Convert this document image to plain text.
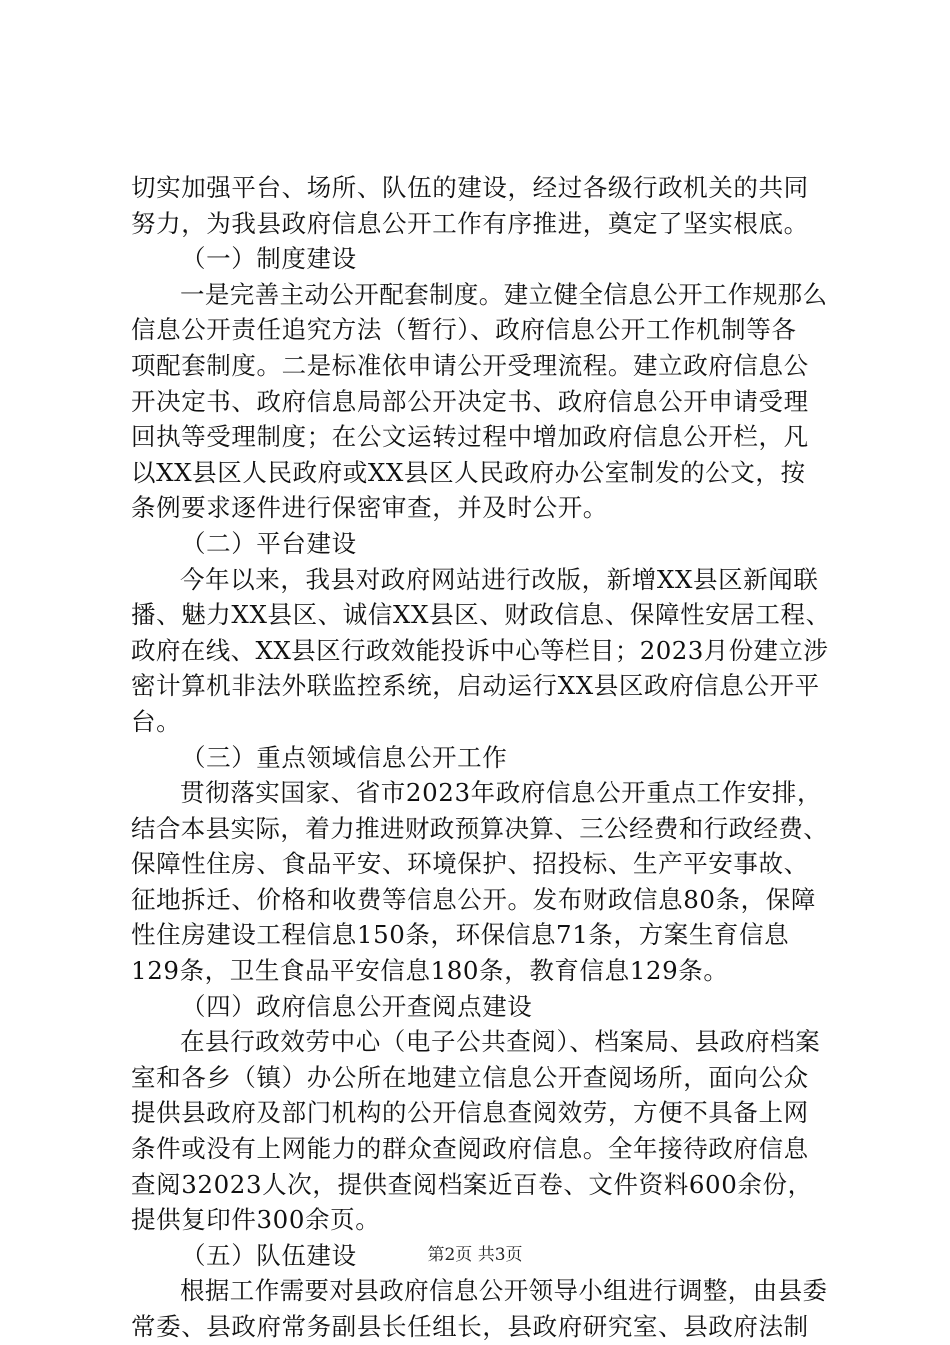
切实加强平台、场所、队伍的建设，经过各级行政机关的共同
努力，为我县政府信息公开工作有序推进，奠定了坚实根底。
（一）制度建设
一是完善主动公开配套制度。建立健全信息公开工作规那么
信息公开责任追究方法（暂行）、政府信息公开工作机制等各
项配套制度。二是标准依申请公开受理流程。建立政府信息公
开决定书、政府信息局部公开决定书、政府信息公开申请受理
回执等受理制度；在公文运转过程中增加政府信息公开栏，凡
以XX县区人民政府或XX县区人民政府办公室制发的公文，按
条例要求逐件进行保密审查，并及时公开。
（二）平台建设
今年以来，我县对政府网站进行改版，新增XX县区新闻联
播、魅力XX县区、诚信XX县区、财政信息、保障性安居工程、
政府在线、XX县区行政效能投诉中心等栏目；2023月份建立涉
密计算机非法外联监控系统，启动运行XX县区政府信息公开平
台。
（三）重点领域信息公开工作
贯彻落实国家、省市2023年政府信息公开重点工作安排，
结合本县实际，着力推进财政预算决算、三公经费和行政经费、
保障性住房、食品平安、环境保护、招投标、生产平安事故、
征地拆迁、价格和收费等信息公开。发布财政信息80条，保障
性住房建设工程信息150条，环保信息71条，方案生育信息
129条，卫生食品平安信息180条，教育信息129条。
（四）政府信息公开查阅点建设
在县行政效劳中心（电子公共查阅）、档案局、县政府档案
室和各乡（镇）办公所在地建立信息公开查阅场所，面向公众
提供县政府及部门机构的公开信息查阅效劳，方便不具备上网
条件或没有上网能力的群众查阅政府信息。全年接待政府信息
查阅32023人次，提供查阅档案近百卷、文件资料600余份，
提供复印件300余页。
（五）队伍建设
根据工作需要对县政府信息公开领导小组进行调整，由县委
常委、县政府常务副县长任组长，县政府研究室、县政府法制
第2页 共3页
